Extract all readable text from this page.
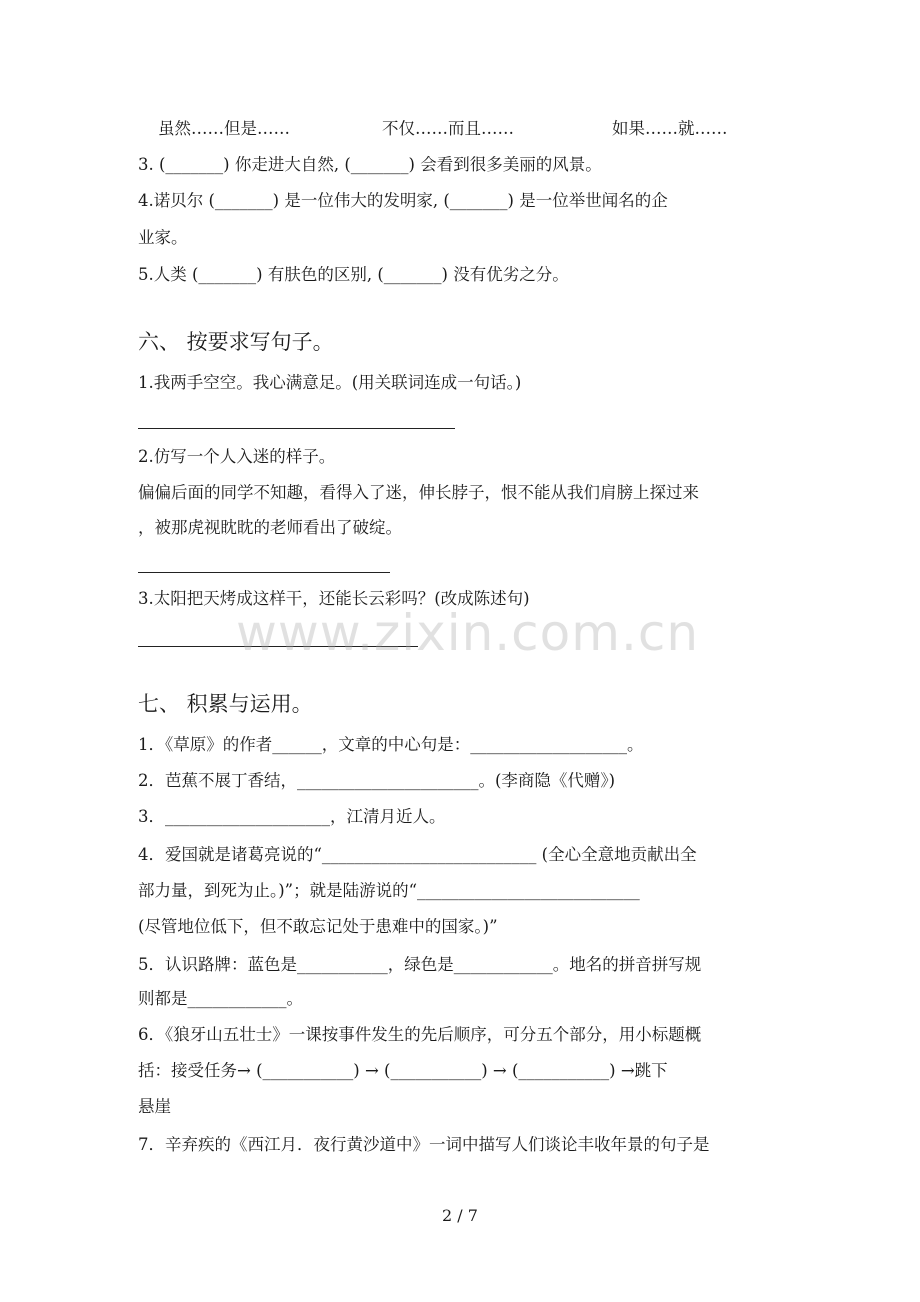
虽然……但是……	不仅……而且……	如果……就……
3. (_______) 你走进大自然, (_______) 会看到很多美丽的风景。
4.诺贝尔 (_______) 是一位伟大的发明家, (_______) 是一位举世闻名的企
业家。
5.人类 (_______) 有肤色的区别, (_______) 没有优劣之分。
六、 按要求写句子。
1.我两手空空。我心满意足。(用关联词连成一句话。)
2.仿写一个人入迷的样子。
偏偏后面的同学不知趣，看得入了迷，伸长脖子，恨不能从我们肩膀上探过来
，被那虎视眈眈的老师看出了破绽。
3.太阳把天烤成这样干，还能长云彩吗？(改成陈述句)
www.zixin.com.cn
七、 积累与运用。
1．《草原》的作者______，文章的中心句是：___________________。
2．芭蕉不展丁香结，______________________。(李商隐《代赠》)
3．____________________，江清月近人。
4．爱国就是诸葛亮说的“__________________________ (全心全意地贡献出全
部力量，到死为止。)”；就是陆游说的“___________________________
(尽管地位低下，但不敢忘记处于患难中的国家。)”
5．认识路牌：蓝色是___________，绿色是____________。地名的拼音拼写规
则都是____________。
6．《狼牙山五壮士》一课按事件发生的先后顺序，可分五个部分，用小标题概
括：接受任务→ (___________) → (___________) → (___________) →跳下
悬崖
7．辛弃疾的《西江月．夜行黄沙道中》一词中描写人们谈论丰收年景的句子是
2 / 7
